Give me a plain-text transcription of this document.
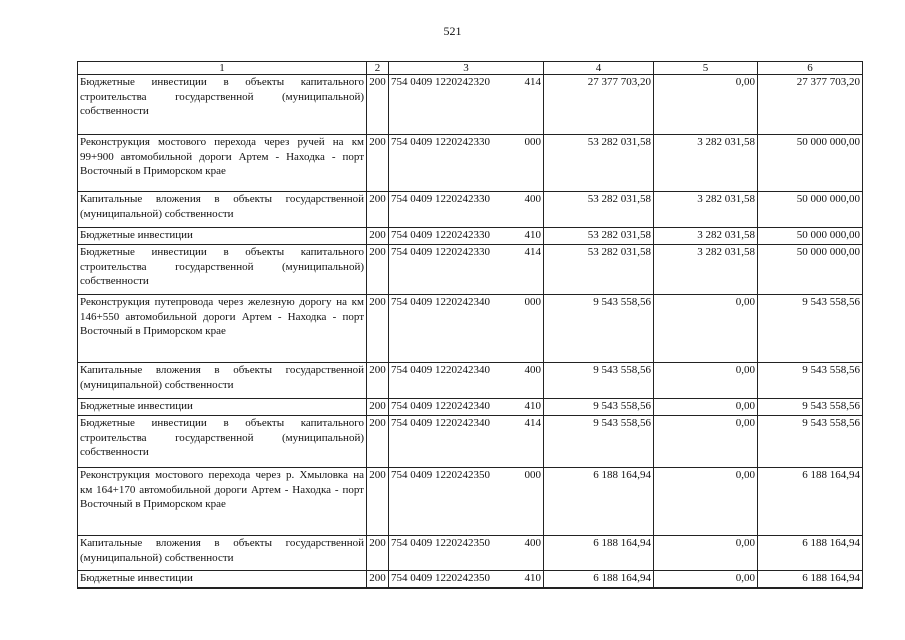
521
1	2	3	4	5	6
Бюджетные инвестиции в объекты капитального строительства государственной (муниципальной) собственности	200	754 0409 1220242320 414	27 377 703,20	0,00	27 377 703,20
Реконструкция мостового перехода через ручей на км 99+900 автомобильной дороги Артем - Находка - порт Восточный в Приморском крае	200	754 0409 1220242330 000	53 282 031,58	3 282 031,58	50 000 000,00
Капитальные вложения в объекты государственной (муниципальной) собственности	200	754 0409 1220242330 400	53 282 031,58	3 282 031,58	50 000 000,00
Бюджетные инвестиции	200	754 0409 1220242330 410	53 282 031,58	3 282 031,58	50 000 000,00
Бюджетные инвестиции в объекты капитального строительства государственной (муниципальной) собственности	200	754 0409 1220242330 414	53 282 031,58	3 282 031,58	50 000 000,00
Реконструкция путепровода через железную дорогу на км 146+550 автомобильной дороги Артем - Находка - порт Восточный в Приморском крае	200	754 0409 1220242340 000	9 543 558,56	0,00	9 543 558,56
Капитальные вложения в объекты государственной (муниципальной) собственности	200	754 0409 1220242340 400	9 543 558,56	0,00	9 543 558,56
Бюджетные инвестиции	200	754 0409 1220242340 410	9 543 558,56	0,00	9 543 558,56
Бюджетные инвестиции в объекты капитального строительства государственной (муниципальной) собственности	200	754 0409 1220242340 414	9 543 558,56	0,00	9 543 558,56
Реконструкция мостового перехода через р. Хмыловка на км 164+170 автомобильной дороги Артем - Находка - порт Восточный в Приморском крае	200	754 0409 1220242350 000	6 188 164,94	0,00	6 188 164,94
Капитальные вложения в объекты государственной (муниципальной) собственности	200	754 0409 1220242350 400	6 188 164,94	0,00	6 188 164,94
Бюджетные инвестиции	200	754 0409 1220242350 410	6 188 164,94	0,00	6 188 164,94
